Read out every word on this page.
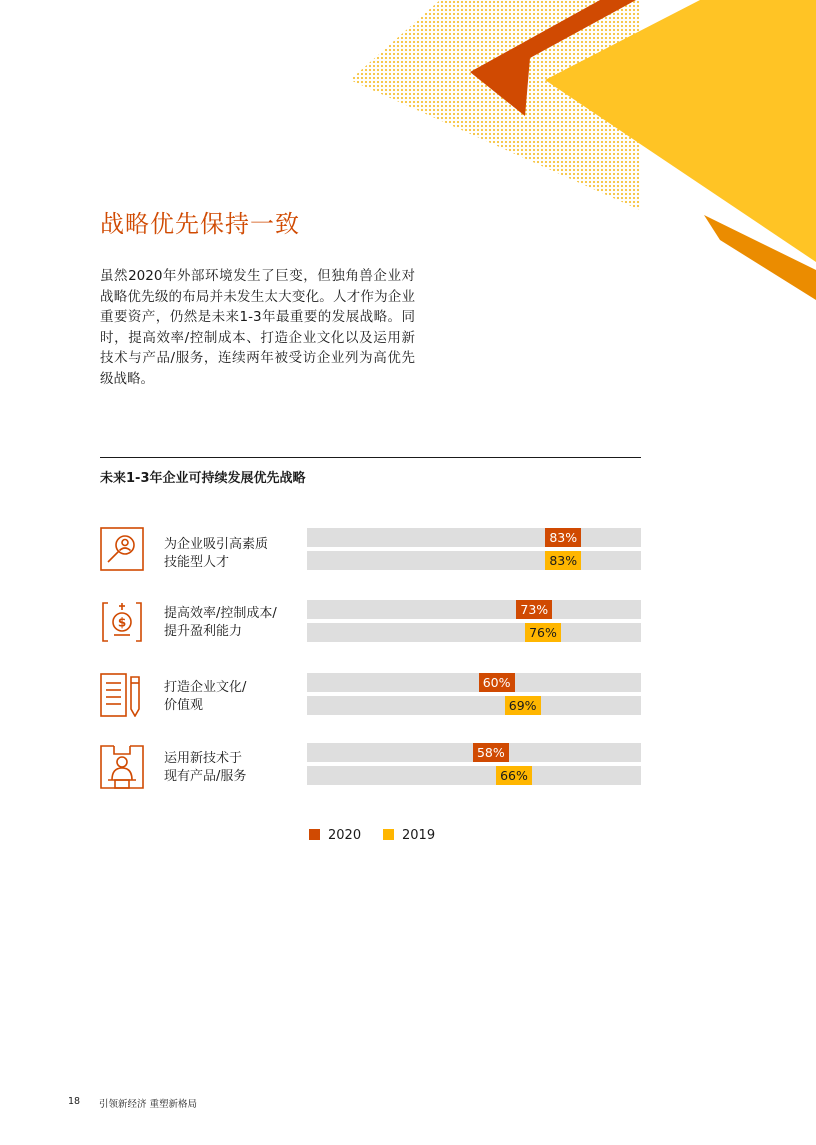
战略优先保持一致

虽然2020年外部环境发生了巨变，但独角兽企业对战略优先级的布局并未发生太大变化。人才作为企业重要资产，仍然是未来1-3年最重要的发展战略。同时，提高效率/控制成本、打造企业文化以及运用新技术与产品/服务，连续两年被受访企业列为高优先级战略。

未来1-3年企业可持续发展优先战略
$
为企业吸引高素质
技能型人才
提高效率/控制成本/
提升盈利能力
打造企业文化/
价值观
运用新技术于
现有产品/服务
83%
83%
73%
76%
60%
69%
58%
66%
2020	2019
18 引领新经济 重塑新格局
